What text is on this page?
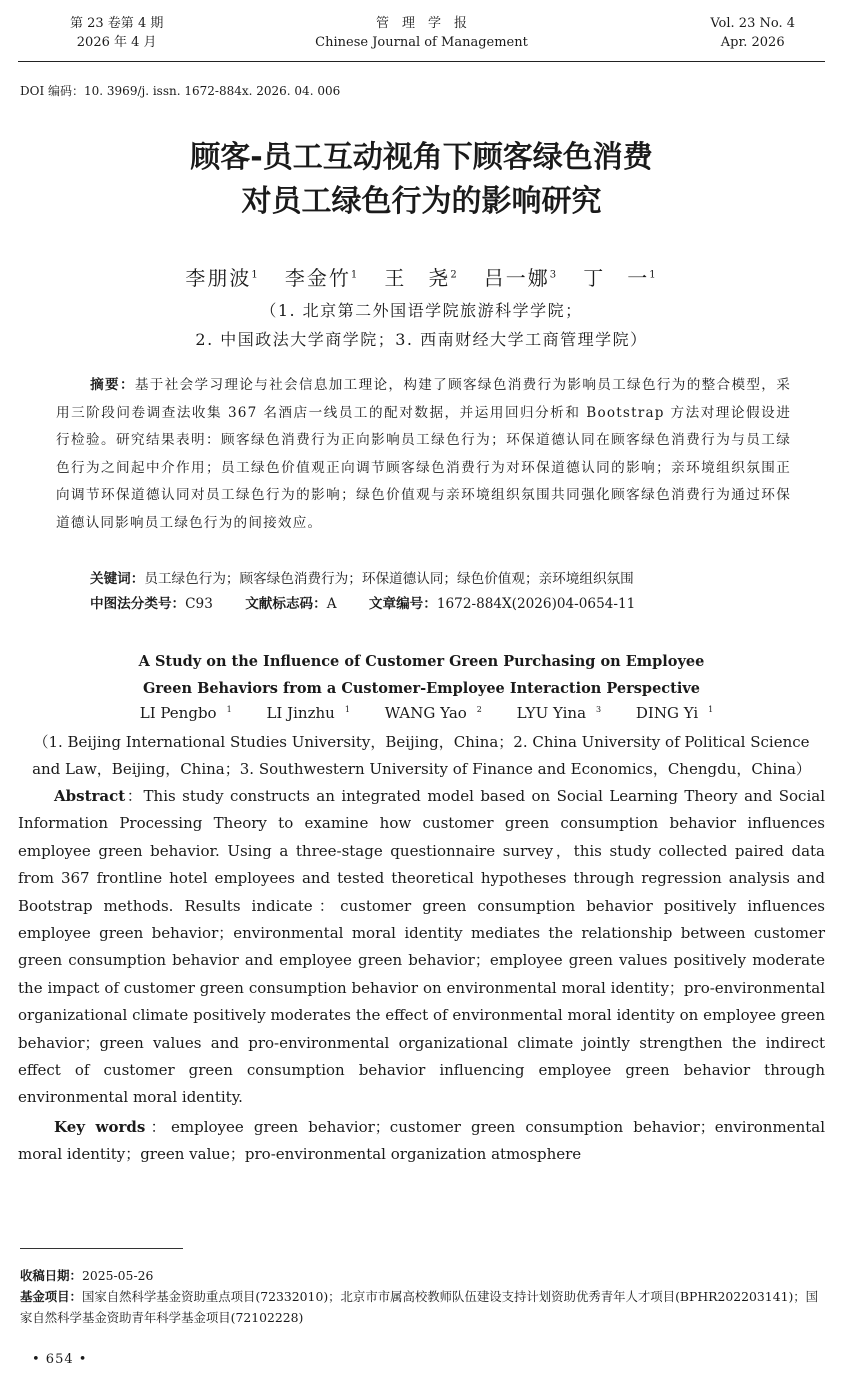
第 23 卷第 4 期
2026 年 4 月
管　理　学　报
Chinese Journal of Management
Vol. 23 No. 4
Apr. 2026
DOI 编码：10. 3969/j. issn. 1672-884x. 2026. 04. 006
顾客-员工互动视角下顾客绿色消费
对员工绿色行为的影响研究
李朋波$^1$ 李金竹$^1$ 王　尧$^2$ 吕一娜$^3$ 丁　一$^1$
（1. 北京第二外国语学院旅游科学学院；
2. 中国政法大学商学院；3. 西南财经大学工商管理学院）
摘要：基于社会学习理论与社会信息加工理论，构建了顾客绿色消费行为影响员工绿色行为的整合模型，采用三阶段问卷调查法收集 367 名酒店一线员工的配对数据，并运用回归分析和 Bootstrap 方法对理论假设进行检验。研究结果表明：顾客绿色消费行为正向影响员工绿色行为；环保道德认同在顾客绿色消费行为与员工绿色行为之间起中介作用；员工绿色价值观正向调节顾客绿色消费行为对环保道德认同的影响；亲环境组织氛围正向调节环保道德认同对员工绿色行为的影响；绿色价值观与亲环境组织氛围共同强化顾客绿色消费行为通过环保道德认同影响员工绿色行为的间接效应。
关键词：员工绿色行为；顾客绿色消费行为；环保道德认同；绿色价值观；亲环境组织氛围
中图法分类号：C93 文献标志码：A 文章编号：1672-884X(2026)04-0654-11
A Study on the Influence of Customer Green Purchasing on Employee
Green Behaviors from a Customer-Employee Interaction Perspective
LI Pengbo $^1$ LI Jinzhu $^1$ WANG Yao $^2$ LYU Yina $^3$ DING Yi $^1$
（1. Beijing International Studies University，Beijing，China；2. China University of Political Science and Law，Beijing，China；3. Southwestern University of Finance and Economics，Chengdu，China）
Abstract：This study constructs an integrated model based on Social Learning Theory and Social Information Processing Theory to examine how customer green consumption behavior influences employee green behavior. Using a three-stage questionnaire survey，this study collected paired data from 367 frontline hotel employees and tested theoretical hypotheses through regression analysis and Bootstrap methods. Results indicate：customer green consumption behavior positively influences employee green behavior；environmental moral identity mediates the relationship between customer green consumption behavior and employee green behavior；employee green values positively moderate the impact of customer green consumption behavior on environmental moral identity；pro-environmental organizational climate positively moderates the effect of environmental moral identity on employee green behavior；green values and pro-environmental organizational climate jointly strengthen the indirect effect of customer green consumption behavior influencing employee green behavior through environmental moral identity.
Key words：employee green behavior；customer green consumption behavior；environmental moral identity；green value；pro-environmental organization atmosphere
收稿日期：2025-05-26
基金项目：国家自然科学基金资助重点项目(72332010)；北京市市属高校教师队伍建设支持计划资助优秀青年人才项目(BPHR202203141)；国家自然科学基金资助青年科学基金项目(72102228)
• 654 •
